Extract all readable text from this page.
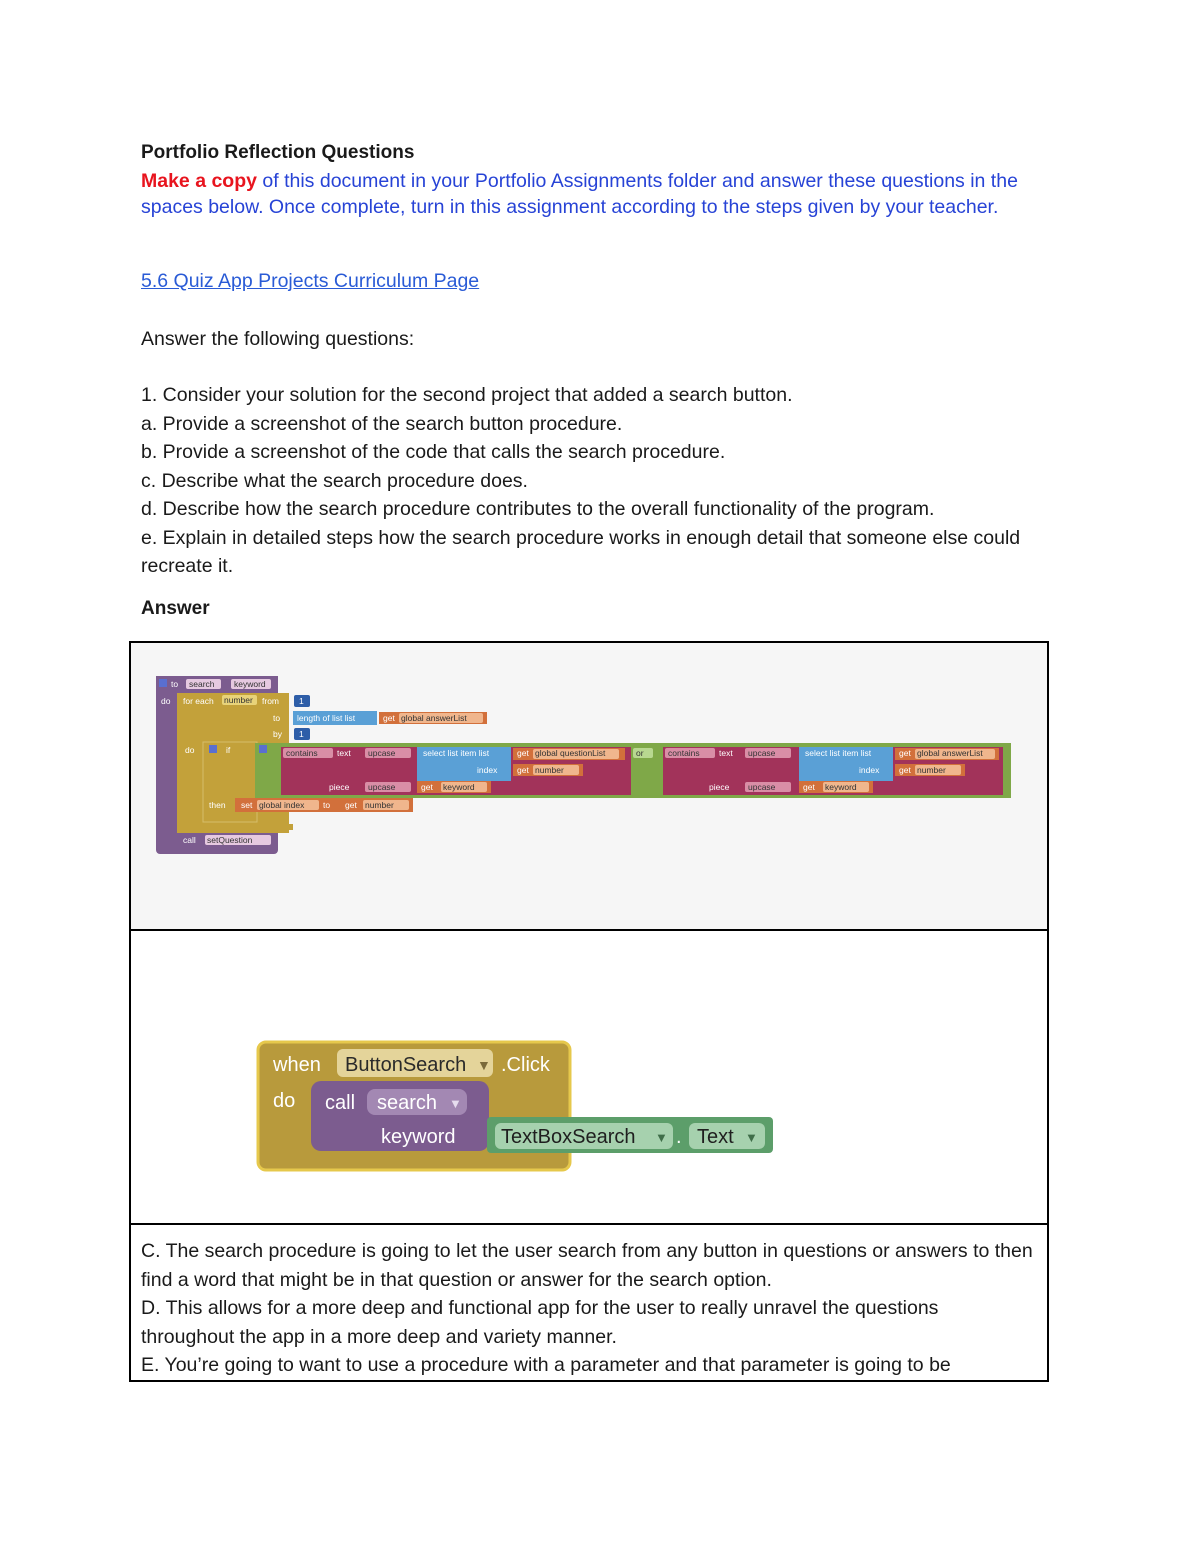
Portfolio Reflection Questions
Make a copy of this document in your Portfolio Assignments folder and answer these questions in the spaces below. Once complete, turn in this assignment according to the steps given by your teacher.
5.6 Quiz App Projects Curriculum Page
Answer the following questions:
1. Consider your solution for the second project that added a search button.
a. Provide a screenshot of the search button procedure.
b. Provide a screenshot of the code that calls the search procedure.
c. Describe what the search procedure does.
d. Describe how the search procedure contributes to the overall functionality of the program.
e. Explain in detailed steps how the search procedure works in enough detail that someone else could recreate it.
Answer
to search keyword
do for each number from 1
to length of list list	get global answerList
by 1
do	if
then
contains text upcase	select list item list
index
get global questionList
get number
piece upcase	get keyword
or	contains text upcase	select list item list
index
get global answerList
get number
piece upcase	get keyword
set global index to get number
call setQuestion
when ButtonSearch ▼ .Click
do call search ▼
keyword TextBoxSearch ▼ . Text ▼
C. The search procedure is going to let the user search from any button in questions or answers to then find a word that might be in that question or answer for the search option.
D. This allows for a more deep and functional app for the user to really unravel the questions throughout the app in a more deep and variety manner.
E. You’re going to want to use a procedure with a parameter and that parameter is going to be
